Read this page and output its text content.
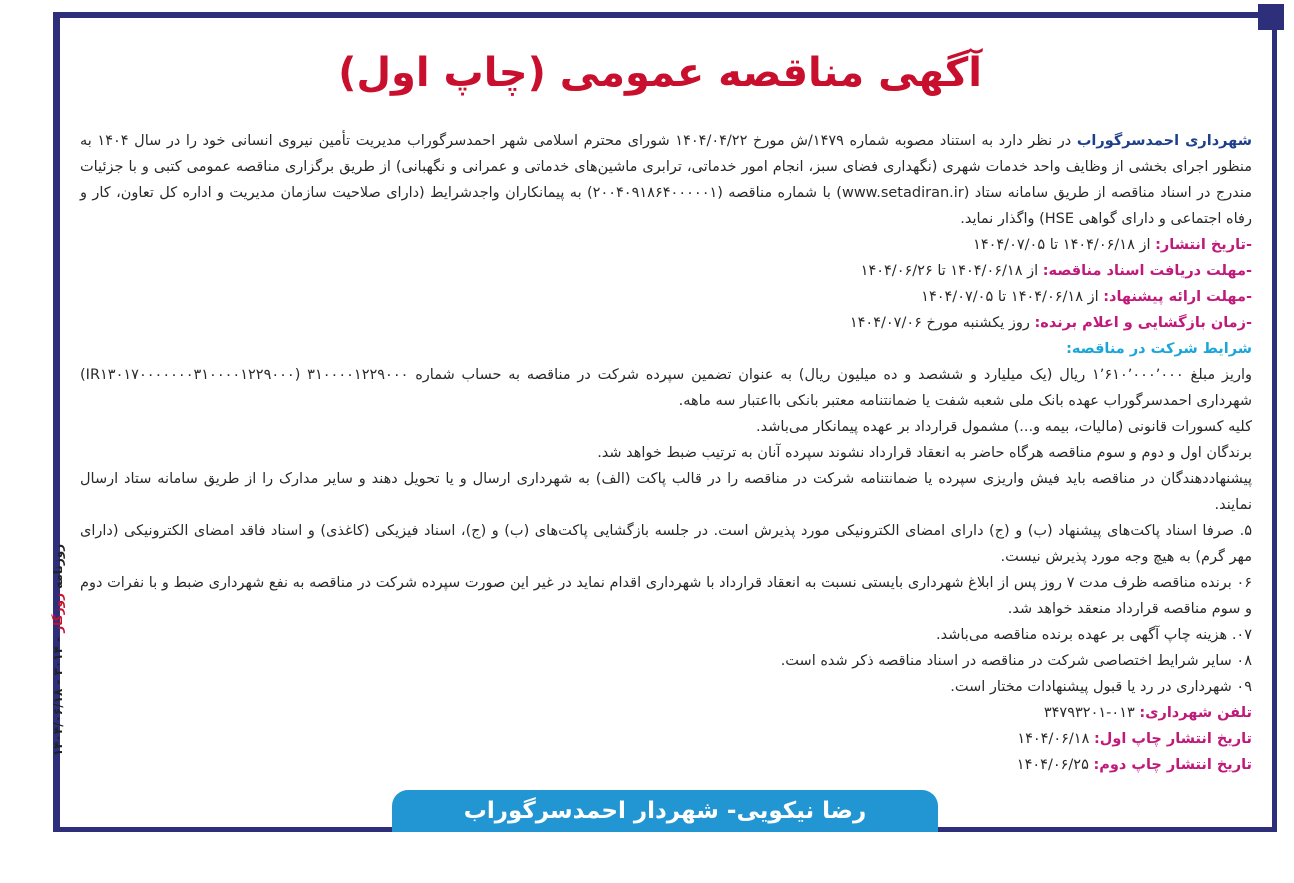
آگهی مناقصه عمومی (چاپ اول)

شهرداری احمدسرگوراب در نظر دارد به استناد مصوبه شماره ۱۴۷۹/ش مورخ ۱۴۰۴/۰۴/۲۲ شورای محترم اسلامی شهر احمدسرگوراب مدیریت تأمین نیروی انسانی خود را در سال ۱۴۰۴ به منظور اجرای بخشی از وظایف واحد خدمات شهری (نگهداری فضای سبز، انجام امور خدماتی، ترابری ماشین‌های خدماتی و عمرانی و نگهبانی) از طریق برگزاری مناقصه عمومی کتبی و با جزئیات مندرج در اسناد مناقصه از طریق سامانه ستاد (www.setadiran.ir) با شماره مناقصه (۲۰۰۴۰۹۱۸۶۴۰۰۰۰۰۱) به پیمانکاران واجدشرایط (دارای صلاحیت سازمان مدیریت و اداره کل تعاون، کار و رفاه اجتماعی و دارای گواهی HSE) واگذار نماید.

-تاریخ انتشار: از ۱۴۰۴/۰۶/۱۸ تا ۱۴۰۴/۰۷/۰۵

-مهلت دریافت اسناد مناقصه: از ۱۴۰۴/۰۶/۱۸ تا ۱۴۰۴/۰۶/۲۶

-مهلت ارائه پیشنهاد: از ۱۴۰۴/۰۶/۱۸ تا ۱۴۰۴/۰۷/۰۵

-زمان بازگشایی و اعلام برنده: روز یکشنبه مورخ ۱۴۰۴/۰۷/۰۶

شرایط شرکت در مناقصه:

واریز مبلغ ۱٬۶۱۰٬۰۰۰٬۰۰۰ ریال (یک میلیارد و ششصد و ده میلیون ریال) به عنوان تضمین سپرده شرکت در مناقصه به حساب شماره ۳۱۰۰۰۰۱۲۲۹۰۰۰ (IR۱۳۰۱۷۰۰۰۰۰۰۰۳۱۰۰۰۰۱۲۲۹۰۰۰) شهرداری احمدسرگوراب عهده بانک ملی شعبه شفت یا ضمانتنامه معتبر بانکی بااعتبار سه ماهه.

کلیه کسورات قانونی (مالیات، بیمه و...) مشمول قرارداد بر عهده پیمانکار می‌باشد.

برندگان اول و دوم و سوم مناقصه هرگاه حاضر به انعقاد قرارداد نشوند سپرده آنان به ترتیب ضبط خواهد شد.

پیشنهاددهندگان در مناقصه باید فیش واریزی سپرده یا ضمانتنامه شرکت در مناقصه را در قالب پاکت (الف) به شهرداری ارسال و یا تحویل دهند و سایر مدارک را از طریق سامانه ستاد ارسال نمایند.

۵. صرفا اسناد پاکت‌های پیشنهاد (ب) و (ج) دارای امضای الکترونیکی مورد پذیرش است. در جلسه بازگشایی پاکت‌های (ب) و (ج)، اسناد فیزیکی (کاغذی) و اسناد فاقد امضای الکترونیکی (دارای مهر گرم) به هیچ وجه مورد پذیرش نیست.

۰۶ برنده مناقصه ظرف مدت ۷ روز پس از ابلاغ شهرداری بایستی نسبت به انعقاد قرارداد با شهرداری اقدام نماید در غیر این صورت سپرده شرکت در مناقصه به نفع شهرداری ضبط و با نفرات دوم و سوم مناقصه قرارداد منعقد خواهد شد.

۰۷. هزینه چاپ آگهی بر عهده برنده مناقصه می‌باشد.

۰۸ سایر شرایط اختصاصی شرکت در مناقصه در اسناد مناقصه ذکر شده است.

۰۹ شهرداری در رد یا قبول پیشنهادات مختار است.

تلفن شهرداری: ۰۱۳-۳۴۷۹۳۲۰۱

تاریخ انتشار چاپ اول: ۱۴۰۴/۰۶/۱۸

تاریخ انتشار چاپ دوم: ۱۴۰۴/۰۶/۲۵

روزنامه روزگار - ۳۰۱۴ - ۱۴۰۴/۰۶/۱۸
رضا نیکویی- شهردار احمدسرگوراب
